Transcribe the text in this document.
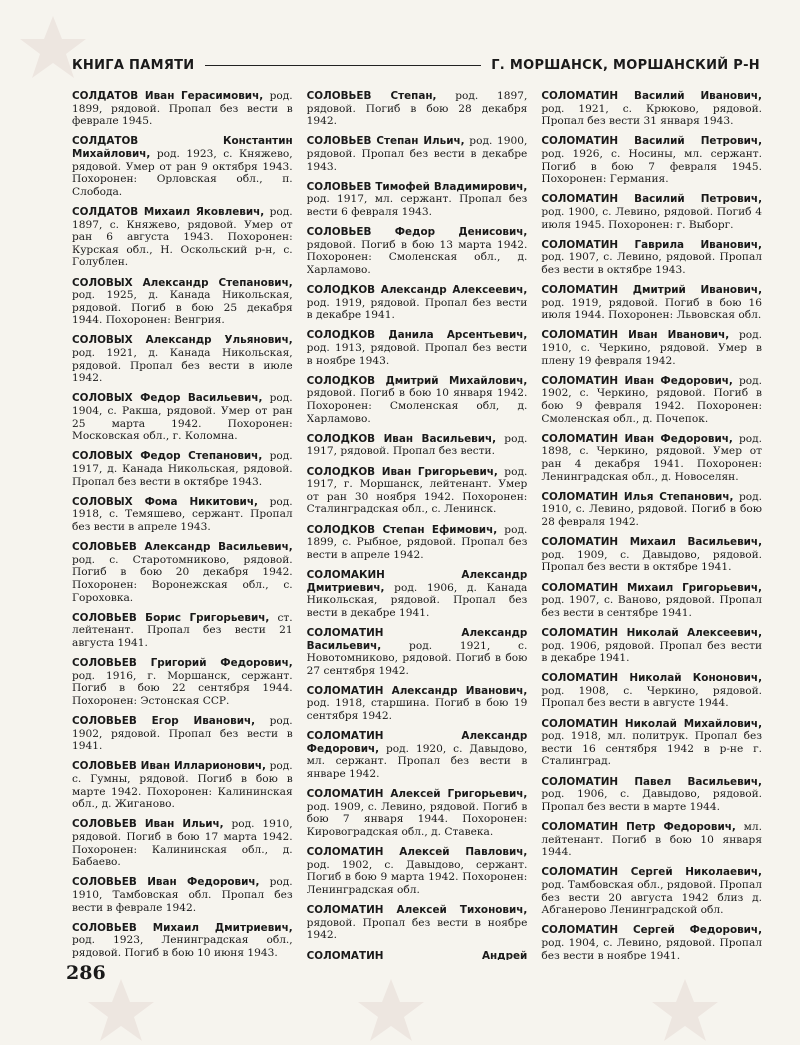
КНИГА ПАМЯТИ	Г. МОРШАНСК, МОРШАНСКИЙ Р-Н

СОЛДАТОВ Иван Герасимович, род. 1899, рядовой. Пропал без вести в феврале 1945.

СОЛДАТОВ Константин Михайлович, род. 1923, с. Княжево, рядовой. Умер от ран 9 октября 1943. Похоронен: Орловская обл., п. Слобода.

СОЛДАТОВ Михаил Яковлевич, род. 1897, с. Княжево, рядовой. Умер от ран 6 августа 1943. Похоронен: Курская обл., Н. Оскольский р-н, с. Голублен.

СОЛОВЫХ Александр Степанович, род. 1925, д. Канада Никольская, рядовой. Погиб в бою 25 декабря 1944. Похоронен: Венгрия.

СОЛОВЫХ Александр Ульянович, род. 1921, д. Канада Никольская, рядовой. Пропал без вести в июле 1942.

СОЛОВЫХ Федор Васильевич, род. 1904, с. Ракша, рядовой. Умер от ран 25 марта 1942. Похоронен: Московская обл., г. Коломна.

СОЛОВЫХ Федор Степанович, род. 1917, д. Канада Никольская, рядовой. Пропал без вести в октябре 1943.

СОЛОВЫХ Фома Никитович, род. 1918, с. Темяшево, сержант. Пропал без вести в апреле 1943.

СОЛОВЬЕВ Александр Васильевич, род. с. Старотомниково, рядовой. Погиб в бою 20 декабря 1942. Похоронен: Воронежская обл., с. Гороховка.

СОЛОВЬЕВ Борис Григорьевич, ст. лейтенант. Пропал без вести 21 августа 1941.

СОЛОВЬЕВ Григорий Федорович, род. 1916, г. Моршанск, сержант. Погиб в бою 22 сентября 1944. Похоронен: Эстонская ССР.

СОЛОВЬЕВ Егор Иванович, род. 1902, рядовой. Пропал без вести в 1941.

СОЛОВЬЕВ Иван Илларионович, род. с. Гумны, рядовой. Погиб в бою в марте 1942. Похоронен: Калининская обл., д. Жиганово.

СОЛОВЬЕВ Иван Ильич, род. 1910, рядовой. Погиб в бою 17 марта 1942. Похоронен: Калининская обл., д. Бабаево.

СОЛОВЬЕВ Иван Федорович, род. 1910, Тамбовская обл. Пропал без вести в феврале 1942.

СОЛОВЬЕВ Михаил Дмитриевич, род. 1923, Ленинградская обл., рядовой. Погиб в бою 10 июня 1943.

СОЛОВЬЕВ Степан, род. 1897, рядовой. Погиб в бою 28 декабря 1942.

СОЛОВЬЕВ Степан Ильич, род. 1900, рядовой. Пропал без вести в декабре 1943.

СОЛОВЬЕВ Тимофей Владимирович, род. 1917, мл. сержант. Пропал без вести 6 февраля 1943.

СОЛОВЬЕВ Федор Денисович, рядовой. Погиб в бою 13 марта 1942. Похоронен: Смоленская обл., д. Харламово.

СОЛОДКОВ Александр Алексеевич, род. 1919, рядовой. Пропал без вести в декабре 1941.

СОЛОДКОВ Данила Арсентьевич, род. 1913, рядовой. Пропал без вести в ноябре 1943.

СОЛОДКОВ Дмитрий Михайлович, рядовой. Погиб в бою 10 января 1942. Похоронен: Смоленская обл, д. Харламово.

СОЛОДКОВ Иван Васильевич, род. 1917, рядовой. Пропал без вести.

СОЛОДКОВ Иван Григорьевич, род. 1917, г. Моршанск, лейтенант. Умер от ран 30 ноября 1942. Похоронен: Сталинградская обл., с. Ленинск.

СОЛОДКОВ Степан Ефимович, род. 1899, с. Рыбное, рядовой. Пропал без вести в апреле 1942.

СОЛОМАКИН Александр Дмитриевич, род. 1906, д. Канада Никольская, рядовой. Пропал без вести в декабре 1941.

СОЛОМАТИН Александр Васильевич, род. 1921, с. Новотомниково, рядовой. Погиб в бою 27 сентября 1942.

СОЛОМАТИН Александр Иванович, род. 1918, старшина. Погиб в бою 19 сентября 1942.

СОЛОМАТИН Александр Федорович, род. 1920, с. Давыдово, мл. сержант. Пропал без вести в январе 1942.

СОЛОМАТИН Алексей Григорьевич, род. 1909, с. Левино, рядовой. Погиб в бою 7 января 1944. Похоронен: Кировоградская обл., д. Ставека.

СОЛОМАТИН Алексей Павлович, род. 1902, с. Давыдово, сержант. Погиб в бою 9 марта 1942. Похоронен: Ленинградская обл.

СОЛОМАТИН Алексей Тихонович, рядовой. Пропал без вести в ноябре 1942.

СОЛОМАТИН Андрей

СОЛОМАТИН Василий Иванович, род. 1921, с. Крюково, рядовой. Пропал без вести 31 января 1943.

СОЛОМАТИН Василий Петрович, род. 1926, с. Носины, мл. сержант. Погиб в бою 7 февраля 1945. Похоронен: Германия.

СОЛОМАТИН Василий Петрович, род. 1900, с. Левино, рядовой. Погиб 4 июля 1945. Похоронен: г. Выборг.

СОЛОМАТИН Гаврила Иванович, род. 1907, с. Левино, рядовой. Пропал без вести в октябре 1943.

СОЛОМАТИН Дмитрий Иванович, род. 1919, рядовой. Погиб в бою 16 июля 1944. Похоронен: Львовская обл.

СОЛОМАТИН Иван Иванович, род. 1910, с. Черкино, рядовой. Умер в плену 19 февраля 1942.

СОЛОМАТИН Иван Федорович, род. 1902, с. Черкино, рядовой. Погиб в бою 9 февраля 1942. Похоронен: Смоленская обл., д. Почепок.

СОЛОМАТИН Иван Федорович, род. 1898, с. Черкино, рядовой. Умер от ран 4 декабря 1941. Похоронен: Ленинградская обл., д. Новоселян.

СОЛОМАТИН Илья Степанович, род. 1910, с. Левино, рядовой. Погиб в бою 28 февраля 1942.

СОЛОМАТИН Михаил Васильевич, род. 1909, с. Давыдово, рядовой. Пропал без вести в октябре 1941.

СОЛОМАТИН Михаил Григорьевич, род. 1907, с. Ваново, рядовой. Пропал без вести в сентябре 1941.

СОЛОМАТИН Николай Алексеевич, род. 1906, рядовой. Пропал без вести в декабре 1941.

СОЛОМАТИН Николай Кононович, род. 1908, с. Черкино, рядовой. Пропал без вести в августе 1944.

СОЛОМАТИН Николай Михайлович, род. 1918, мл. политрук. Пропал без вести 16 сентября 1942 в р-не г. Сталинград.

СОЛОМАТИН Павел Васильевич, род. 1906, с. Давыдово, рядовой. Пропал без вести в марте 1944.

СОЛОМАТИН Петр Федорович, мл. лейтенант. Погиб в бою 10 января 1944.

СОЛОМАТИН Сергей Николаевич, род. Тамбовская обл., рядовой. Пропал без вести 20 августа 1942 близ д. Абганерово Ленинградской обл.

СОЛОМАТИН Сергей Федорович, род. 1904, с. Левино, рядовой. Пропал без вести в ноябре 1941.

286
